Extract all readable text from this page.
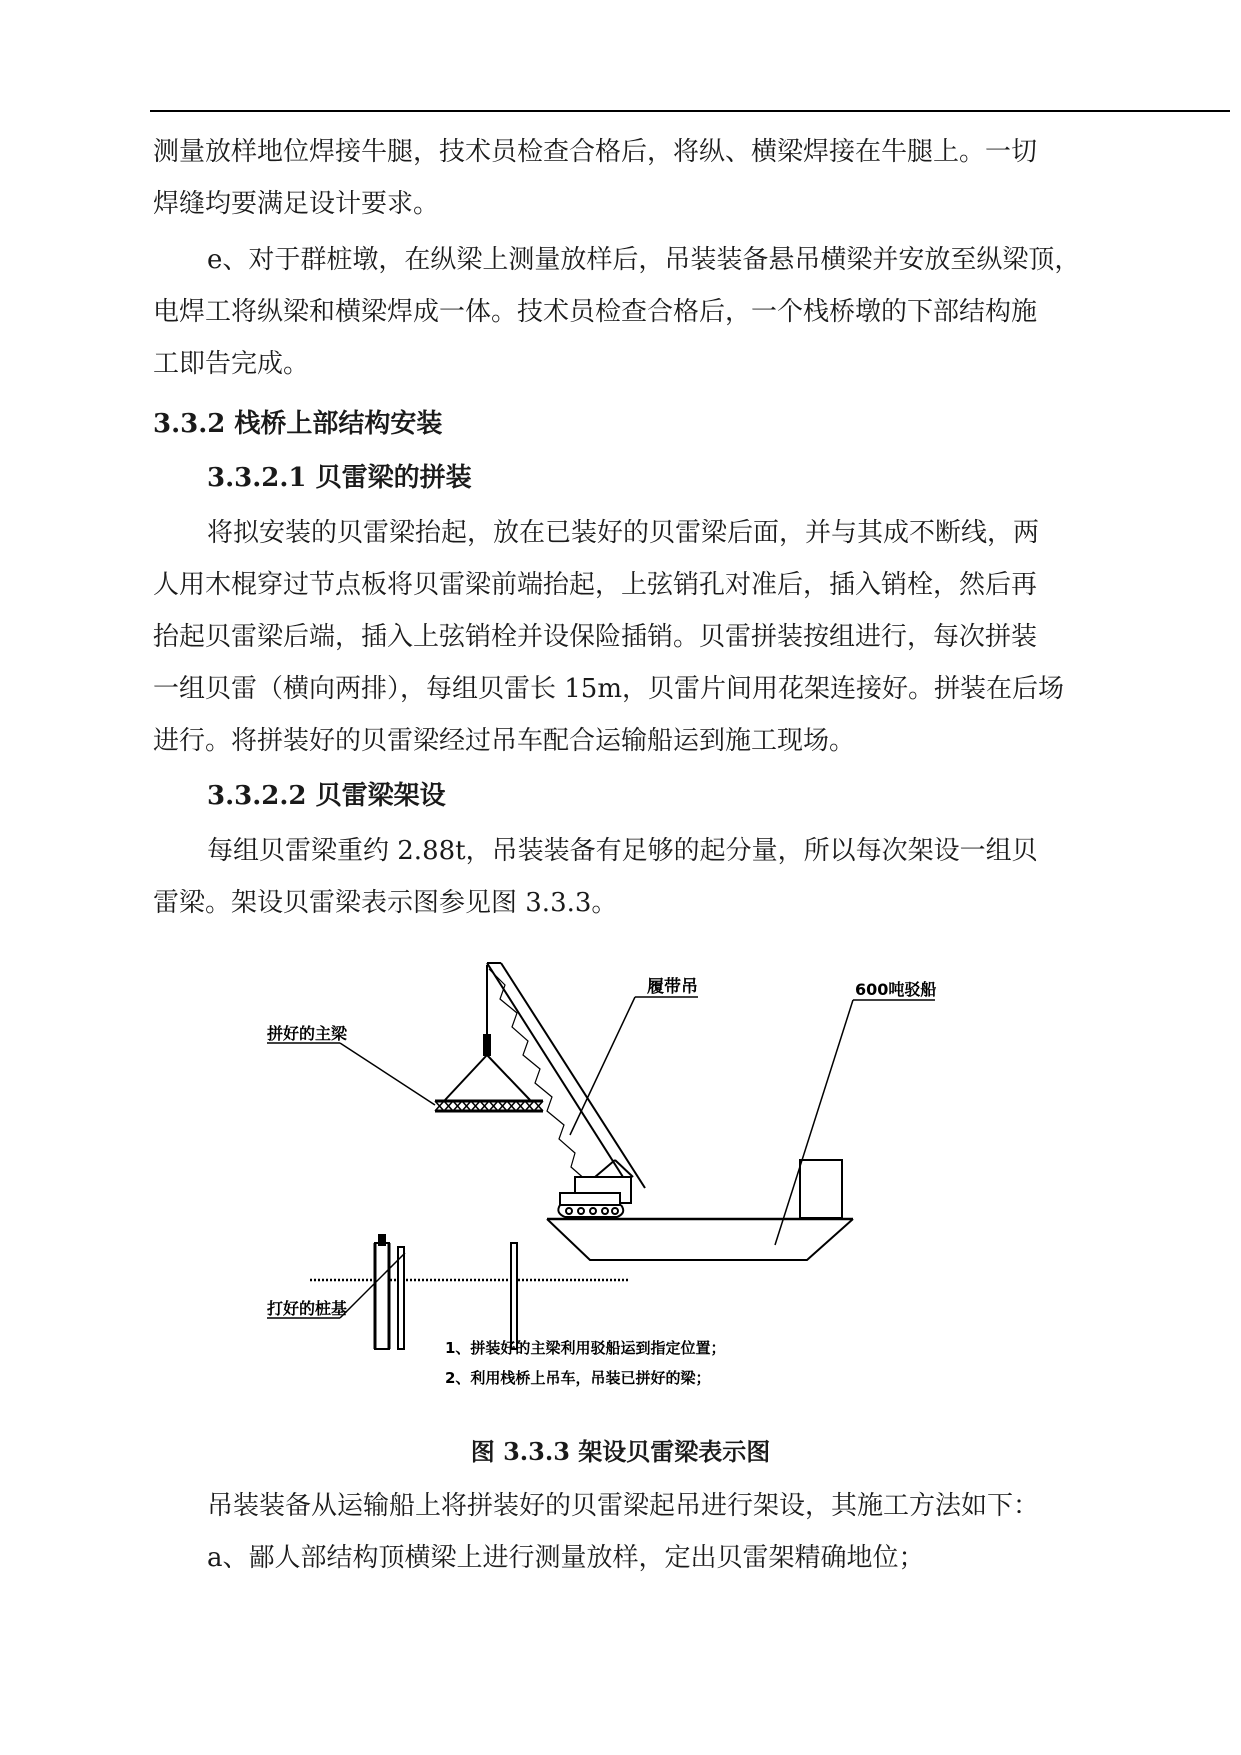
测量放样地位焊接牛腿，技术员检查合格后，将纵、横梁焊接在牛腿上。一切

焊缝均要满足设计要求。

e、对于群桩墩，在纵梁上测量放样后，吊装装备悬吊横梁并安放至纵梁顶，

电焊工将纵梁和横梁焊成一体。技术员检查合格后，一个栈桥墩的下部结构施

工即告完成。

3.3.2 栈桥上部结构安装

3.3.2.1 贝雷梁的拼装

将拟安装的贝雷梁抬起，放在已装好的贝雷梁后面，并与其成不断线，两

人用木棍穿过节点板将贝雷梁前端抬起，上弦销孔对准后，插入销栓，然后再

抬起贝雷梁后端，插入上弦销栓并设保险插销。贝雷拼装按组进行，每次拼装

一组贝雷（横向两排），每组贝雷长 15m，贝雷片间用花架连接好。拼装在后场

进行。将拼装好的贝雷梁经过吊车配合运输船运到施工现场。

3.3.2.2 贝雷梁架设

每组贝雷梁重约 2.88t，吊装装备有足够的起分量，所以每次架设一组贝

雷梁。架设贝雷梁表示图参见图 3.3.3。

履带吊	600吨驳船
拼好的主梁
打好的桩基
1、拼装好的主梁利用驳船运到指定位置；
2、利用栈桥上吊车，吊装已拼好的梁；

图 3.3.3 架设贝雷梁表示图

吊装装备从运输船上将拼装好的贝雷梁起吊进行架设，其施工方法如下：

a、鄙人部结构顶横梁上进行测量放样，定出贝雷架精确地位；
